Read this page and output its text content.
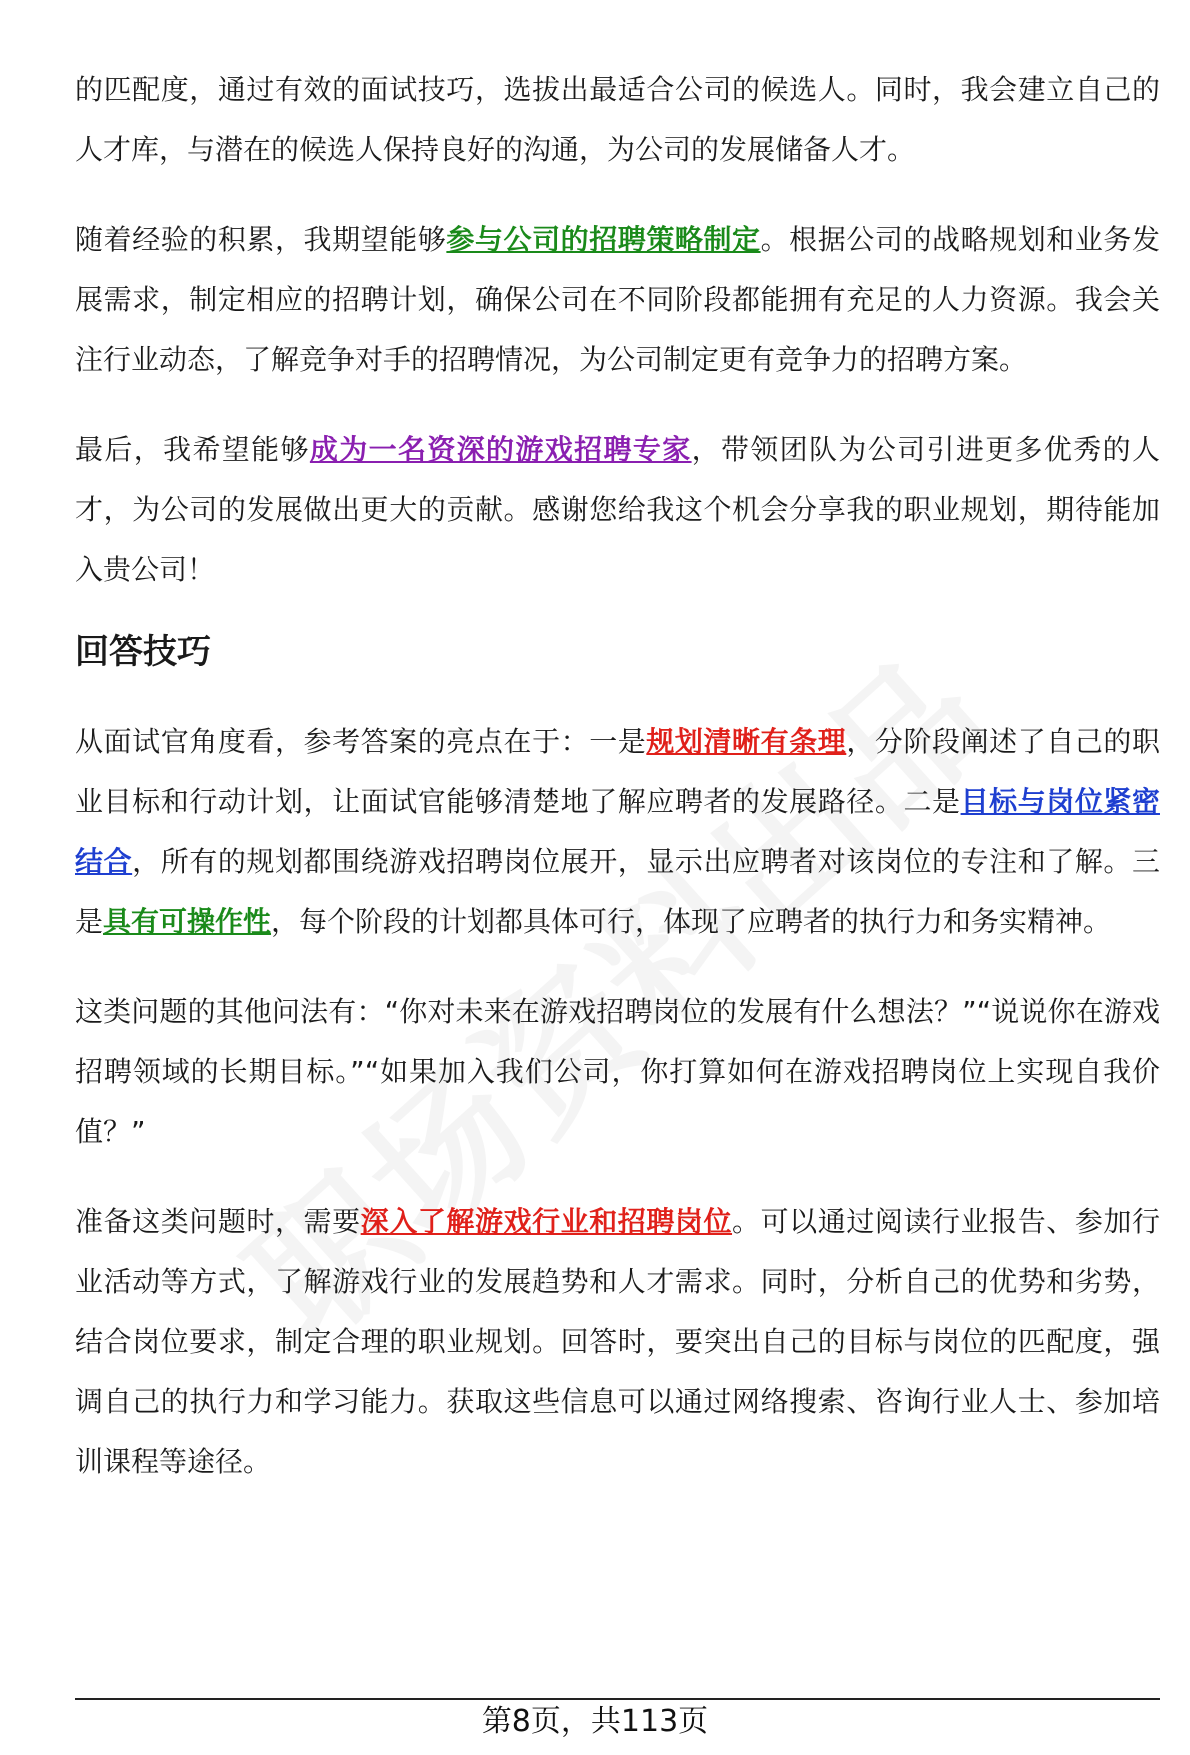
的匹配度，通过有效的面试技巧，选拔出最适合公司的候选人。同时，我会建立自己的人才库，与潜在的候选人保持良好的沟通，为公司的发展储备人才。

随着经验的积累，我期望能够参与公司的招聘策略制定。根据公司的战略规划和业务发展需求，制定相应的招聘计划，确保公司在不同阶段都能拥有充足的人力资源。我会关注行业动态，了解竞争对手的招聘情况，为公司制定更有竞争力的招聘方案。

最后，我希望能够成为一名资深的游戏招聘专家，带领团队为公司引进更多优秀的人才，为公司的发展做出更大的贡献。感谢您给我这个机会分享我的职业规划，期待能加入贵公司！

回答技巧

从面试官角度看，参考答案的亮点在于：一是规划清晰有条理，分阶段阐述了自己的职业目标和行动计划，让面试官能够清楚地了解应聘者的发展路径。二是目标与岗位紧密结合，所有的规划都围绕游戏招聘岗位展开，显示出应聘者对该岗位的专注和了解。三是具有可操作性，每个阶段的计划都具体可行，体现了应聘者的执行力和务实精神。

这类问题的其他问法有：“你对未来在游戏招聘岗位的发展有什么想法？”“说说你在游戏招聘领域的长期目标。”“如果加入我们公司，你打算如何在游戏招聘岗位上实现自我价值？”

准备这类问题时，需要深入了解游戏行业和招聘岗位。可以通过阅读行业报告、参加行业活动等方式，了解游戏行业的发展趋势和人才需求。同时，分析自己的优势和劣势，结合岗位要求，制定合理的职业规划。回答时，要突出自己的目标与岗位的匹配度，强调自己的执行力和学习能力。获取这些信息可以通过网络搜索、咨询行业人士、参加培训课程等途径。

第8页，共113页
